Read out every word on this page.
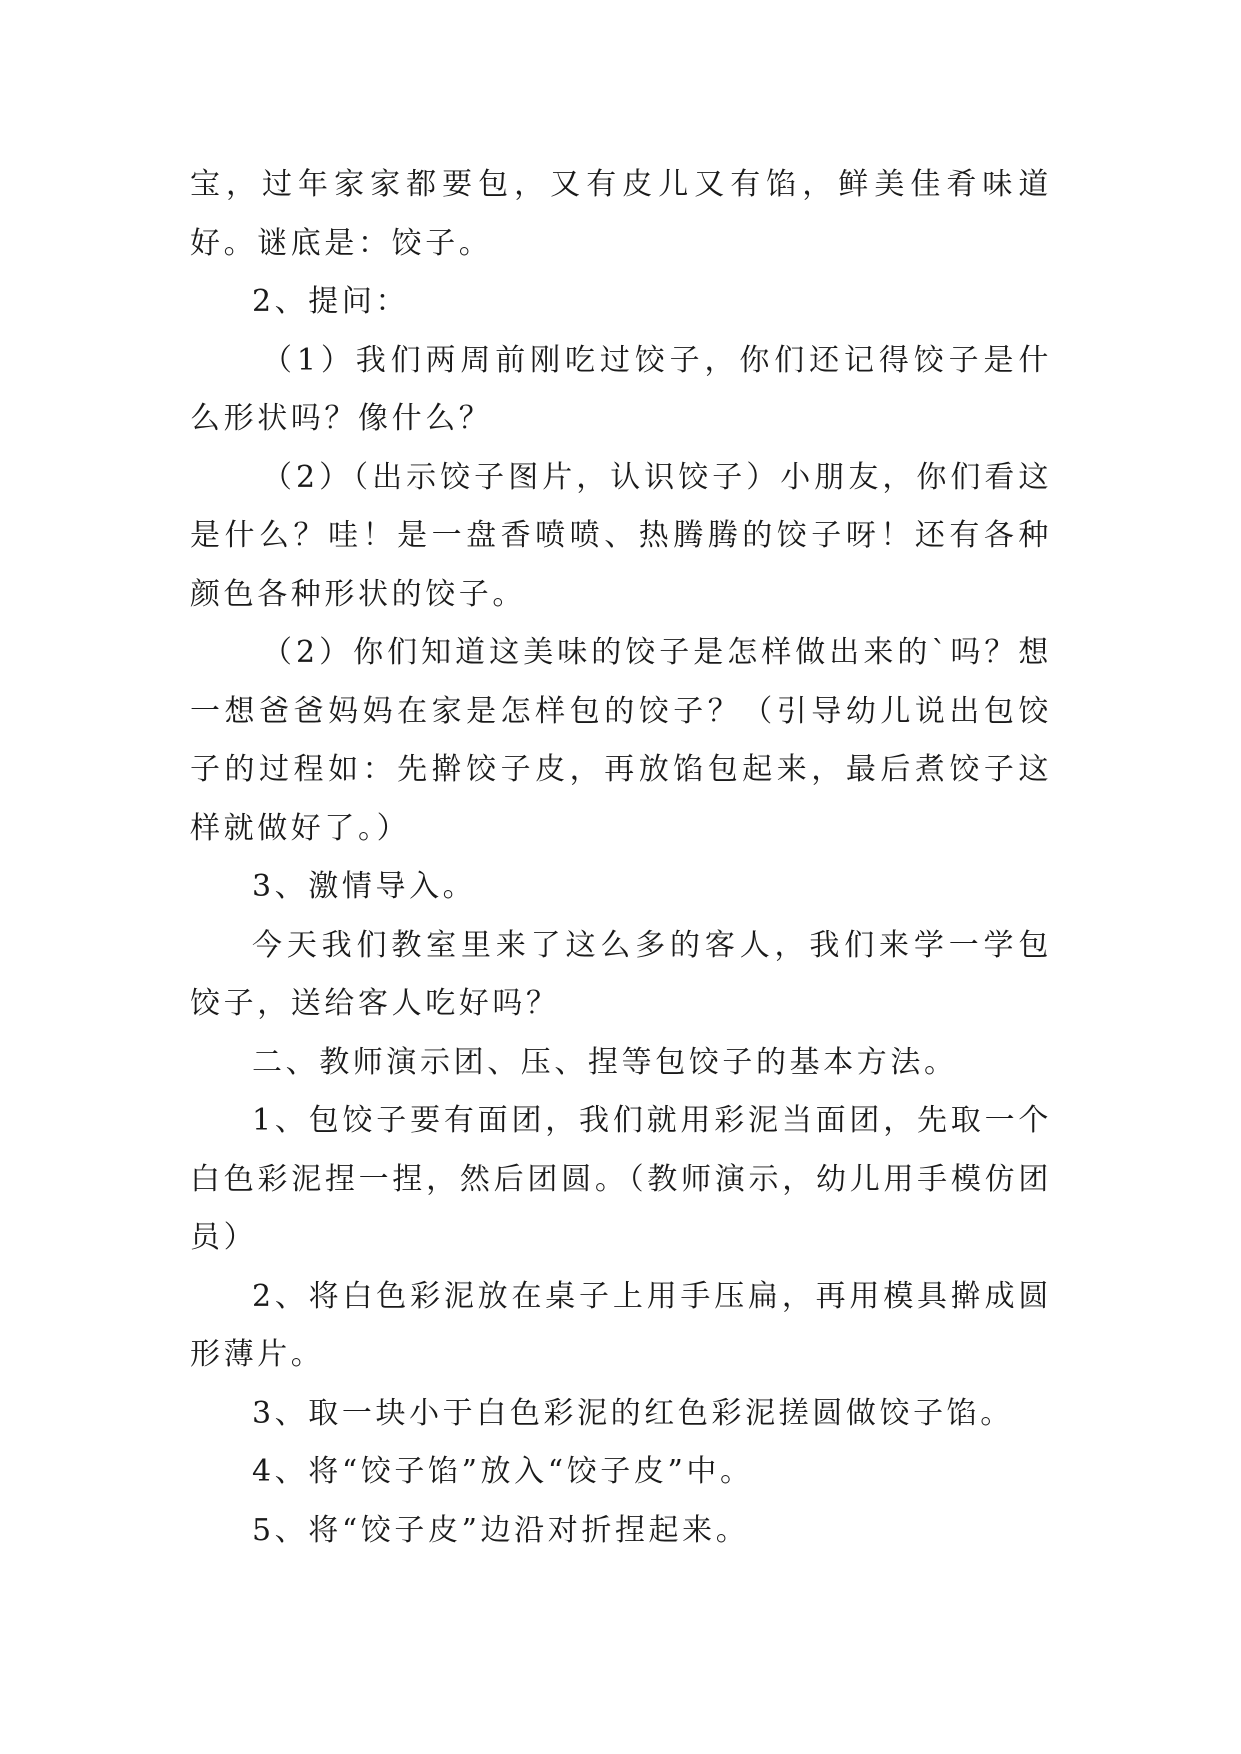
宝，过年家家都要包，又有皮儿又有馅，鲜美佳肴味道好。谜底是：饺子。

2、提问：

（1）我们两周前刚吃过饺子，你们还记得饺子是什么形状吗？像什么？

（2）（出示饺子图片，认识饺子）小朋友，你们看这是什么？哇！是一盘香喷喷、热腾腾的饺子呀！还有各种颜色各种形状的饺子。

（2）你们知道这美味的饺子是怎样做出来的`吗？想一想爸爸妈妈在家是怎样包的饺子？（引导幼儿说出包饺子的过程如：先擀饺子皮，再放馅包起来，最后煮饺子这样就做好了。）

3、激情导入。

今天我们教室里来了这么多的客人，我们来学一学包饺子，送给客人吃好吗？

二、教师演示团、压、捏等包饺子的基本方法。

1、包饺子要有面团，我们就用彩泥当面团，先取一个白色彩泥捏一捏，然后团圆。（教师演示，幼儿用手模仿团员）

2、将白色彩泥放在桌子上用手压扁，再用模具擀成圆形薄片。

3、取一块小于白色彩泥的红色彩泥搓圆做饺子馅。

4、将“饺子馅”放入“饺子皮”中。

5、将“饺子皮”边沿对折捏起来。
